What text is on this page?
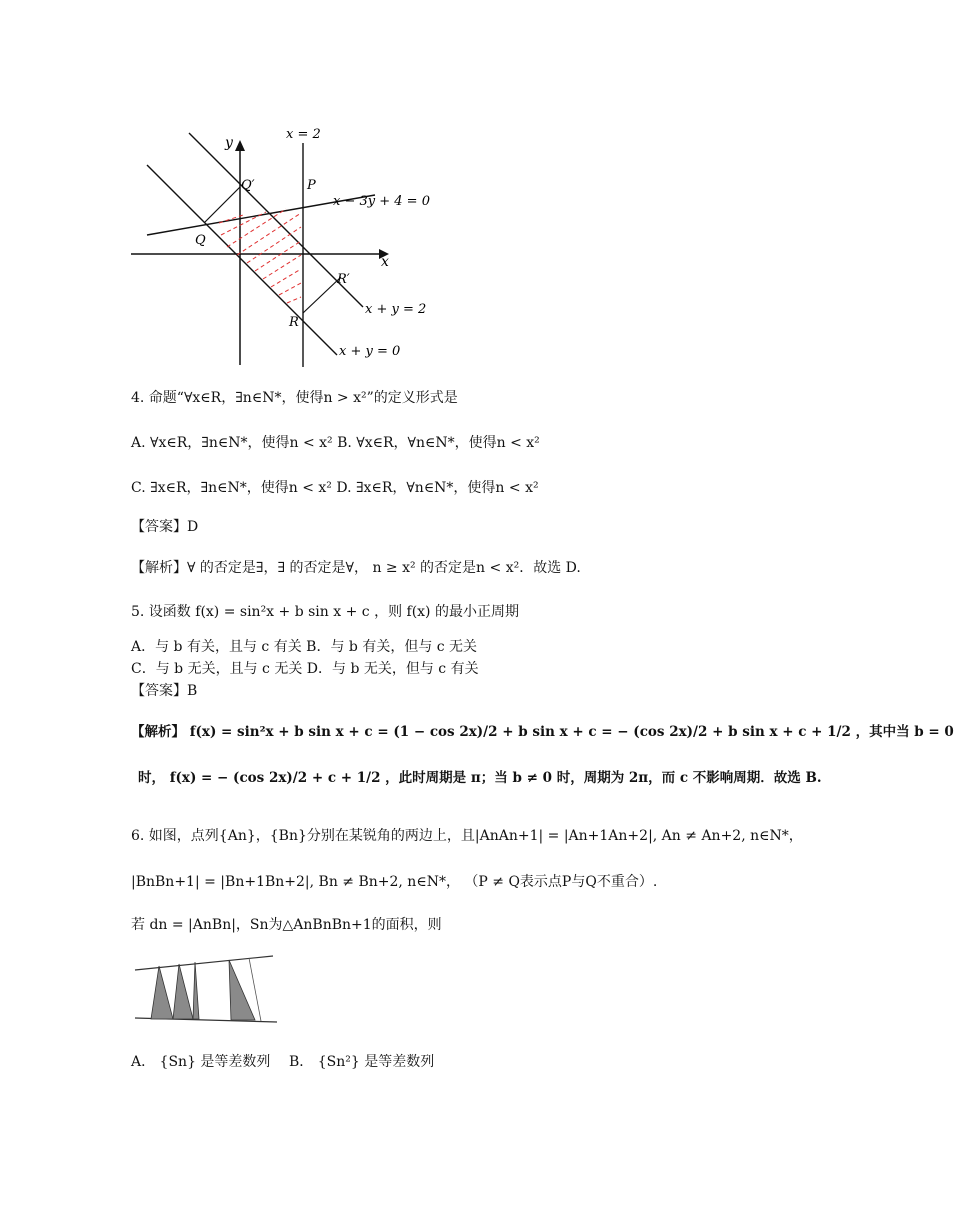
y
x
x = 2
P
Q′
Q
R′
R
x − 3y + 4 = 0
x + y = 2
x + y = 0
4. 命题“∀x∈R，∃n∈N*，使得n > x²”的定义形式是
A. ∀x∈R，∃n∈N*，使得n < x² B. ∀x∈R，∀n∈N*，使得n < x²
C. ∃x∈R，∃n∈N*，使得n < x² D. ∃x∈R，∀n∈N*，使得n < x²
【答案】D
【解析】∀ 的否定是∃，∃ 的否定是∀， n ≥ x² 的否定是n < x²．故选 D.
5. 设函数 f(x) = sin²x + b sin x + c ，则 f(x) 的最小正周期
A．与 b 有关，且与 c 有关 B．与 b 有关，但与 c 无关
C．与 b 无关，且与 c 无关 D．与 b 无关，但与 c 有关
【答案】B
【解析】 f(x) = sin²x + b sin x + c = (1 − cos 2x)/2 + b sin x + c = − (cos 2x)/2 + b sin x + c + 1/2 ，其中当 b = 0
时， f(x) = − (cos 2x)/2 + c + 1/2 ，此时周期是 π；当 b ≠ 0 时，周期为 2π，而 c 不影响周期．故选 B.
6. 如图，点列{An}，{Bn}分别在某锐角的两边上，且|AnAn+1| = |An+1An+2|, An ≠ An+2, n∈N*，
|BnBn+1| = |Bn+1Bn+2|, Bn ≠ Bn+2, n∈N*， （P ≠ Q表示点P与Q不重合）.
若 dn = |AnBn|，Sn为△AnBnBn+1的面积，则
A． {Sn} 是等差数列 B． {Sn²} 是等差数列
